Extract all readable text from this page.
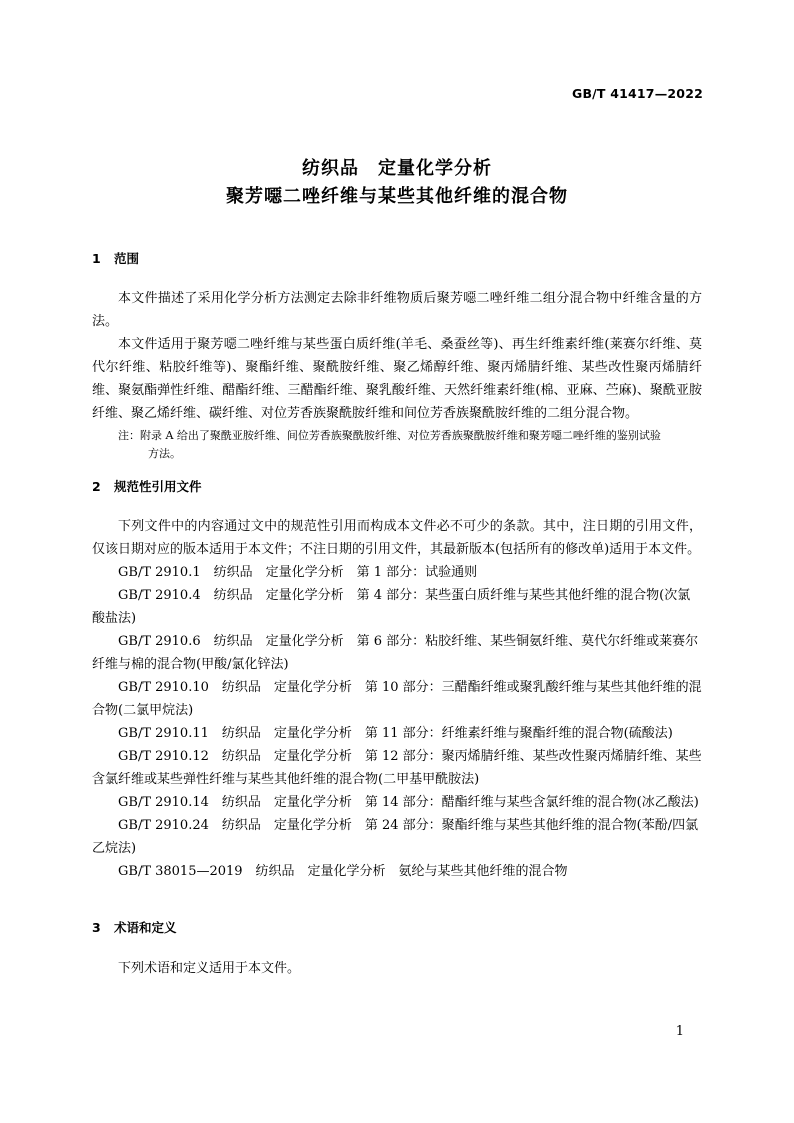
GB/T 41417—2022
纺织品　定量化学分析
聚芳噁二唑纤维与某些其他纤维的混合物
1 范围

本文件描述了采用化学分析方法测定去除非纤维物质后聚芳噁二唑纤维二组分混合物中纤维含量的方法。

本文件适用于聚芳噁二唑纤维与某些蛋白质纤维(羊毛、桑蚕丝等)、再生纤维素纤维(莱赛尔纤维、莫代尔纤维、粘胶纤维等)、聚酯纤维、聚酰胺纤维、聚乙烯醇纤维、聚丙烯腈纤维、某些改性聚丙烯腈纤维、聚氨酯弹性纤维、醋酯纤维、三醋酯纤维、聚乳酸纤维、天然纤维素纤维(棉、亚麻、苎麻)、聚酰亚胺纤维、聚乙烯纤维、碳纤维、对位芳香族聚酰胺纤维和间位芳香族聚酰胺纤维的二组分混合物。

注：附录 A 给出了聚酰亚胺纤维、间位芳香族聚酰胺纤维、对位芳香族聚酰胺纤维和聚芳噁二唑纤维的鉴别试验
方法。

2 规范性引用文件

下列文件中的内容通过文中的规范性引用而构成本文件必不可少的条款。其中，注日期的引用文件，仅该日期对应的版本适用于本文件；不注日期的引用文件，其最新版本(包括所有的修改单)适用于本文件。

GB/T 2910.1　纺织品　定量化学分析　第 1 部分：试验通则

GB/T 2910.4　纺织品　定量化学分析　第 4 部分：某些蛋白质纤维与某些其他纤维的混合物(次氯酸盐法)

GB/T 2910.6　纺织品　定量化学分析　第 6 部分：粘胶纤维、某些铜氨纤维、莫代尔纤维或莱赛尔纤维与棉的混合物(甲酸/氯化锌法)

GB/T 2910.10　纺织品　定量化学分析　第 10 部分：三醋酯纤维或聚乳酸纤维与某些其他纤维的混合物(二氯甲烷法)

GB/T 2910.11　纺织品　定量化学分析　第 11 部分：纤维素纤维与聚酯纤维的混合物(硫酸法)

GB/T 2910.12　纺织品　定量化学分析　第 12 部分：聚丙烯腈纤维、某些改性聚丙烯腈纤维、某些含氯纤维或某些弹性纤维与某些其他纤维的混合物(二甲基甲酰胺法)

GB/T 2910.14　纺织品　定量化学分析　第 14 部分：醋酯纤维与某些含氯纤维的混合物(冰乙酸法)

GB/T 2910.24　纺织品　定量化学分析　第 24 部分：聚酯纤维与某些其他纤维的混合物(苯酚/四氯乙烷法)

GB/T 38015—2019　纺织品　定量化学分析　氨纶与某些其他纤维的混合物

3 术语和定义

下列术语和定义适用于本文件。

1
